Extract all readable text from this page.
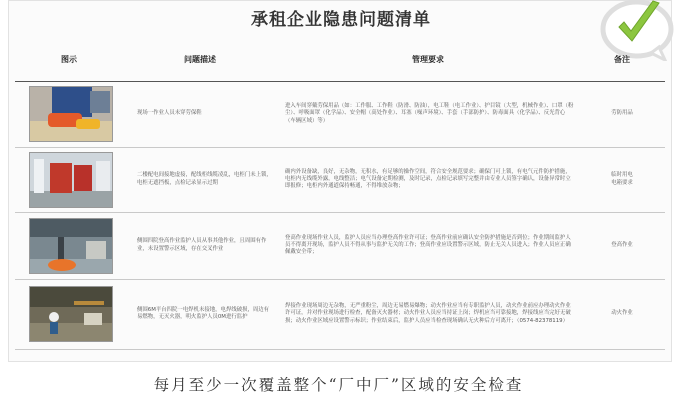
承租企业隐患问题清单
图示	问题描述	管理要求	备注

	现场一作业人员未穿劳保鞋	进入车间穿戴劳保用品（如：工作服、工作鞋（防滑、防油），电工鞋（电工作业）、护目镜（大型，机械作业）、口罩（粉尘）、呼吸面罩（化学品）、安全帽（高处作业）、耳塞（噪声环境）、手套（手部防护）、防毒面具（化学品）、反光背心（车辆区域）等）	劳防用品

	二楼配电间接地虚接，配线柜线缆凌乱，电柜门未上锁，电柜无遮挡板，点检记录显示过期	确内外设备缺，良好，无杂物，无积水，有足够的操作空间，符合安全规范要求；确保门可上锁，有电气元件防护措施，电柜内无线缆外露，电线整洁；电气设备定期检测，及时记录，点检记录填写完整并由专业人员签字确认，设备异常时立即报修；电柜内外通道保持畅通，不得堆放杂物；	临时用电
电箱要求

	侧围四院登高作业监护人员从事其他作业，且周围有作业，未设置警示区域，存在交叉作业	登高作业现场作业人员，监护人员应当办理登高作业许可证；登高作业前应确认安全防护措施是否到位；作业期间监护人员不得离开现场，监护人员不得从事与监护无关的工作；登高作业应设置警示区域，防止无关人员进入；作业人员应正确佩戴安全带；	登高作业

	侧围6M平台四院一电焊机未接地，电焊线破损，周边有易燃物，无灭火器，明火监护人员0M进行监护	焊接作业现场周边无杂物，无严重粉尘，周边无易燃易爆物；动火作业应当有专职监护人员，动火作业前应办理动火作业许可证，并对作业现场进行检查，配备灭火器材；动火作业人员应当持证上岗；焊机应当可靠接地，焊接线应当完好无破损；动火作业区域应设置警示标识；作业结束后，监护人员应当检查现场确认无火种后方可离开；（0574-82378119）	动火作业
每月至少一次覆盖整个“厂中厂”区域的安全检查
